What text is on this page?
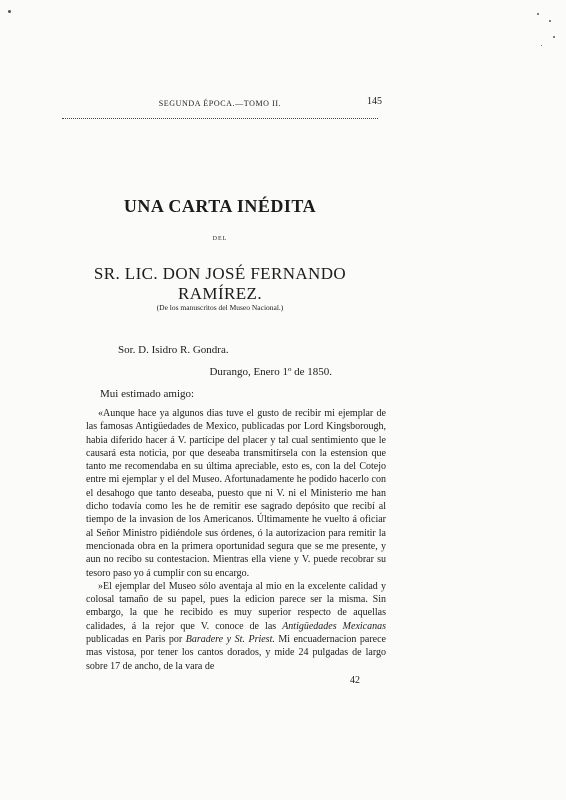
SEGUNDA ÉPOCA.—TOMO II.	145
UNA CARTA INÉDITA
DEL
SR. LIC. DON JOSÉ FERNANDO RAMÍREZ.
(De los manuscritos del Museo Nacional.)
Sor. D. Isidro R. Gondra.
Durango, Enero 1º de 1850.
Mui estimado amigo:

«Aunque hace ya algunos dias tuve el gusto de recibir mi ejemplar de las famosas Antigüedades de Mexico, publicadas por Lord Kingsborough, habia diferido hacer á V. partícipe del placer y tal cual sentimiento que le causará esta noticia, por que deseaba transmitírsela con la estension que tanto me recomendaba en su última apreciable, esto es, con la del Cotejo entre mi ejemplar y el del Museo. Afortunadamente he podido hacerlo con el desahogo que tanto deseaba, puesto que ni V. ni el Ministerio me han dicho todavía como les he de remitir ese sagrado depósito que recibí al tiempo de la invasion de los Americanos. Últimamente he vuelto á oficiar al Señor Ministro pidiéndole sus órdenes, ó la autorizacion para remitir la mencionada obra en la primera oportunidad segura que se me presente, y aun no recibo su contestacion. Mientras ella viene y V. puede recobrar su tesoro paso yo á cumplir con su encargo.

»El ejemplar del Museo sólo aventaja al mio en la excelente calidad y colosal tamaño de su papel, pues la edicion parece ser la misma. Sin embargo, la que he recibido es muy superior respecto de aquellas calidades, á la rejor que V. conoce de las Antigüedades Mexicanas publicadas en Paris por Baradere y St. Priest. Mi encuadernacion parece mas vistosa, por tener los cantos dorados, y mide 24 pulgadas de largo sobre 17 de ancho, de la vara de

42
